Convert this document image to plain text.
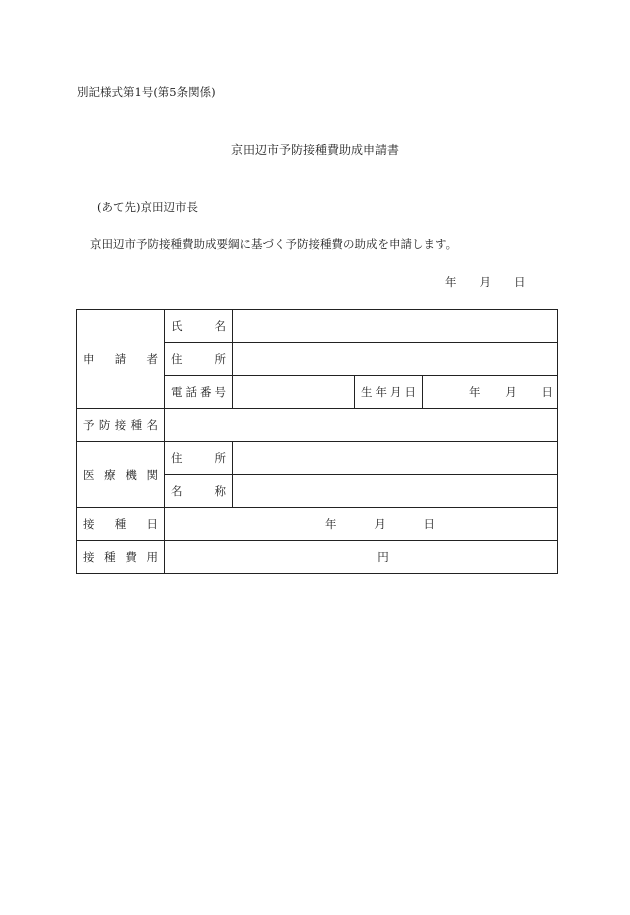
別記様式第1号(第5条関係)
京田辺市予防接種費助成申請書
(あて先)京田辺市長
京田辺市予防接種費助成要綱に基づく予防接種費の助成を申請します。
年 月 日
申 請 者	氏 名			

	住 所			

	電 話 番 号		生 年 月 日	年 月 日

予 防 接 種 名				

医 療 機 関	住 所			

	名 称			

接 種 日	年 月 日			

接 種 費 用	円			
